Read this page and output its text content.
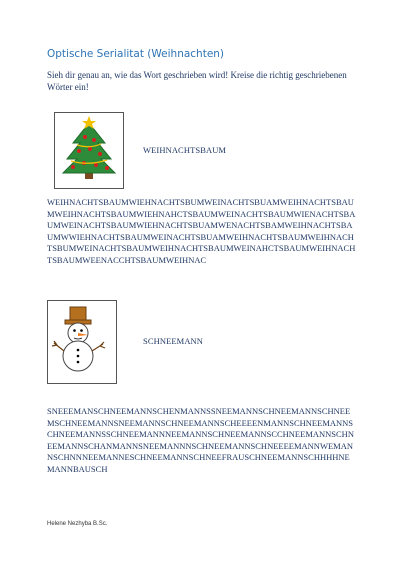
Optische Serialitat (Weihnachten)
Sieh dir genau an, wie das Wort geschrieben wird! Kreise die richtig geschriebenen Wörter ein!
WEIHNACHTSBAUM
WEIHNACHTSBAUMWIEHNACHTSBUMWEINACHTSBUAMWEIHNACHTSBAUMWEIHNACHTSBAUMWIEHNAHCTSBAUMWEINACHTSBAUMWIENACHTSBAUMWEINACHTSBAUMWIEHNACHTSBUAMWENACHTSBAMWEIHNACHTSBAUMWWIEHNACHTSBAUMWEINACHTSBUAMWEIHNACHTSBAUMWEIHNACHTSBUMWEINACHTSBAUMWEIHNACHTSBAUMWEINAHCTSBAUMWEIHNACHTSBAUMWEENACCHTSBAUMWEIHNAC
SCHNEEMANN
SNEEEMANSCHNEEMANNSCHENMANNSSNEEMANNSCHNEEMANNSCHNEEMSCHNEEMANNSNEEMANNSCHNEEMANNSCHEEEENMANNSCHNEEMANNSCHNEEMANNSSCHNEEMANNNEEMANNSCHNEEMANNSCCHNEEMANNSCHNEEMANNSCHANMANNSNEEMANNNSCHNEEMANNSCHNEEEEMANNWEMANNSCHNNNEEMANNESCHNEEMANNSCHNEEFRAUSCHNEEMANNSCHHHHNEMANNBAUSCH
Helene Nezhyba B.Sc.
